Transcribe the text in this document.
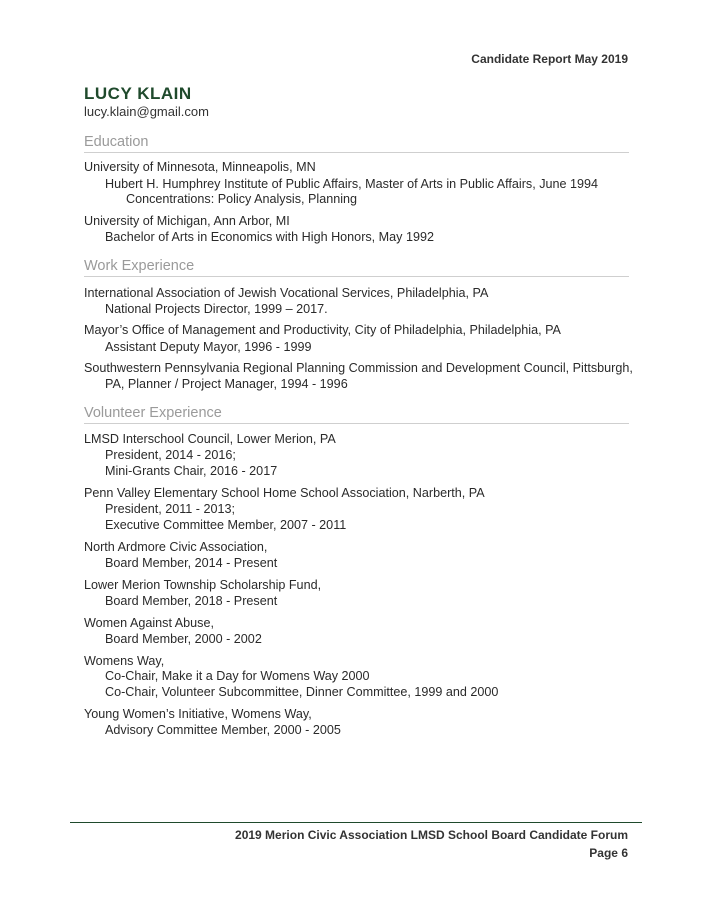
Candidate Report May 2019
LUCY KLAIN
lucy.klain@gmail.com
Education
University of Minnesota, Minneapolis, MN
Hubert H. Humphrey Institute of Public Affairs, Master of Arts in Public Affairs, June 1994
Concentrations: Policy Analysis, Planning
University of Michigan, Ann Arbor, MI
Bachelor of Arts in Economics with High Honors, May 1992
Work Experience
International Association of Jewish Vocational Services, Philadelphia, PA
National Projects Director, 1999 – 2017.
Mayor’s Office of Management and Productivity, City of Philadelphia, Philadelphia, PA
Assistant Deputy Mayor, 1996 - 1999
Southwestern Pennsylvania Regional Planning Commission and Development Council, Pittsburgh,
PA, Planner / Project Manager, 1994 - 1996
Volunteer Experience
LMSD Interschool Council, Lower Merion, PA
President, 2014 - 2016;
Mini-Grants Chair, 2016 - 2017
Penn Valley Elementary School Home School Association, Narberth, PA
President, 2011 - 2013;
Executive Committee Member, 2007 - 2011
North Ardmore Civic Association,
Board Member, 2014 - Present
Lower Merion Township Scholarship Fund,
Board Member, 2018 - Present
Women Against Abuse,
Board Member, 2000 - 2002
Womens Way,
Co-Chair, Make it a Day for Womens Way 2000
Co-Chair, Volunteer Subcommittee, Dinner Committee, 1999 and 2000
Young Women’s Initiative, Womens Way,
Advisory Committee Member, 2000 - 2005
2019 Merion Civic Association LMSD School Board Candidate Forum
Page 6
